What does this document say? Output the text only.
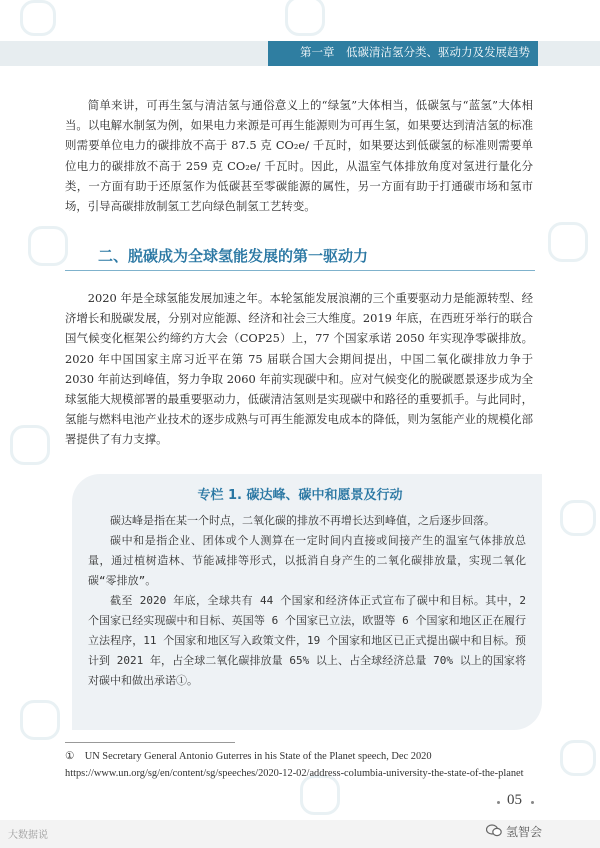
第一章　低碳清洁氢分类、驱动力及发展趋势

简单来讲，可再生氢与清洁氢与通俗意义上的“绿氢”大体相当，低碳氢与“蓝氢”大体相当。以电解水制氢为例，如果电力来源是可再生能源则为可再生氢，如果要达到清洁氢的标准则需要单位电力的碳排放不高于 87.5 克 CO₂e/ 千瓦时，如果要达到低碳氢的标准则需要单位电力的碳排放不高于 259 克 CO₂e/ 千瓦时。因此，从温室气体排放角度对氢进行量化分类，一方面有助于还原氢作为低碳甚至零碳能源的属性，另一方面有助于打通碳市场和氢市场，引导高碳排放制氢工艺向绿色制氢工艺转变。

二、脱碳成为全球氢能发展的第一驱动力

2020 年是全球氢能发展加速之年。本轮氢能发展浪潮的三个重要驱动力是能源转型、经济增长和脱碳发展，分别对应能源、经济和社会三大维度。2019 年底，在西班牙举行的联合国气候变化框架公约缔约方大会（COP25）上，77 个国家承诺 2050 年实现净零碳排放。2020 年中国国家主席习近平在第 75 届联合国大会期间提出，中国二氧化碳排放力争于 2030 年前达到峰值，努力争取 2060 年前实现碳中和。应对气候变化的脱碳愿景逐步成为全球氢能大规模部署的最重要驱动力，低碳清洁氢则是实现碳中和路径的重要抓手。与此同时，氢能与燃料电池产业技术的逐步成熟与可再生能源发电成本的降低，则为氢能产业的规模化部署提供了有力支撑。

专栏 1. 碳达峰、碳中和愿景及行动

碳达峰是指在某一个时点，二氧化碳的排放不再增长达到峰值，之后逐步回落。

碳中和是指企业、团体或个人测算在一定时间内直接或间接产生的温室气体排放总量，通过植树造林、节能减排等形式，以抵消自身产生的二氧化碳排放量，实现二氧化碳“零排放”。

截至 2020 年底，全球共有 44 个国家和经济体正式宣布了碳中和目标。其中，2 个国家已经实现碳中和目标、英国等 6 个国家已立法，欧盟等 6 个国家和地区正在履行立法程序，11 个国家和地区写入政策文件，19 个国家和地区已正式提出碳中和目标。预计到 2021 年，占全球二氧化碳排放量 65% 以上、占全球经济总量 70% 以上的国家将对碳中和做出承诺①。

①　UN Secretary General Antonio Guterres in his State of the Planet speech, Dec 2020 https://www.un.org/sg/en/content/sg/speeches/2020-12-02/address-columbia-university-the-state-of-the-planet

05
大数据说	氢智会
